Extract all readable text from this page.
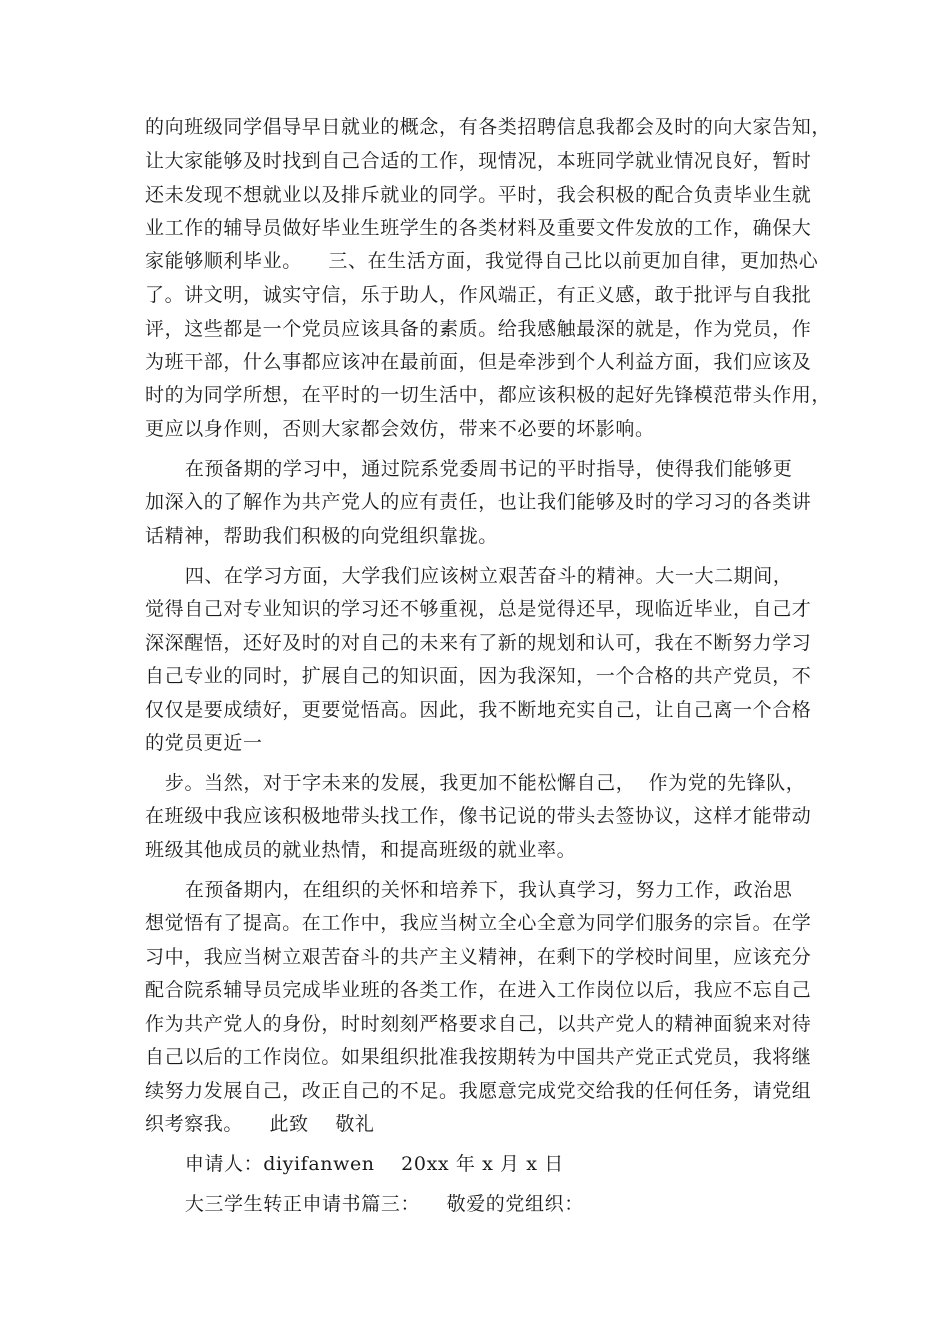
的向班级同学倡导早日就业的概念，有各类招聘信息我都会及时的向大家告知，
让大家能够及时找到自己合适的工作，现情况，本班同学就业情况良好，暂时
还未发现不想就业以及排斥就业的同学。平时，我会积极的配合负责毕业生就
业工作的辅导员做好毕业生班学生的各类材料及重要文件发放的工作，确保大
家能够顺利毕业。    三、在生活方面，我觉得自己比以前更加自律，更加热心
了。讲文明，诚实守信，乐于助人，作风端正，有正义感，敢于批评与自我批
评，这些都是一个党员应该具备的素质。给我感触最深的就是，作为党员，作
为班干部，什么事都应该冲在最前面，但是牵涉到个人利益方面，我们应该及
时的为同学所想，在平时的一切生活中，都应该积极的起好先锋模范带头作用，
更应以身作则，否则大家都会效仿，带来不必要的坏影响。
在预备期的学习中，通过院系党委周书记的平时指导，使得我们能够更
加深入的了解作为共产党人的应有责任，也让我们能够及时的学习习的各类讲
话精神，帮助我们积极的向党组织靠拢。
四、在学习方面，大学我们应该树立艰苦奋斗的精神。大一大二期间，
觉得自己对专业知识的学习还不够重视，总是觉得还早，现临近毕业，自己才
深深醒悟，还好及时的对自己的未来有了新的规划和认可，我在不断努力学习
自己专业的同时，扩展自己的知识面，因为我深知，一个合格的共产党员，不
仅仅是要成绩好，更要觉悟高。因此，我不断地充实自己，让自己离一个合格
的党员更近一
步。当然，对于字未来的发展，我更加不能松懈自己，  作为党的先锋队，
在班级中我应该积极地带头找工作，像书记说的带头去签协议，这样才能带动
班级其他成员的就业热情，和提高班级的就业率。
在预备期内，在组织的关怀和培养下，我认真学习，努力工作，政治思
想觉悟有了提高。在工作中，我应当树立全心全意为同学们服务的宗旨。在学
习中，我应当树立艰苦奋斗的共产主义精神，在剩下的学校时间里，应该充分
配合院系辅导员完成毕业班的各类工作，在进入工作岗位以后，我应不忘自己
作为共产党人的身份，时时刻刻严格要求自己，以共产党人的精神面貌来对待
自己以后的工作岗位。如果组织批准我按期转为中国共产党正式党员，我将继
续努力发展自己，改正自己的不足。我愿意完成党交给我的任何任务，请党组
织考察我。    此致    敬礼
申请人：diyifanwen    20xx 年 x 月 x 日
大三学生转正申请书篇三：    敬爱的党组织：
